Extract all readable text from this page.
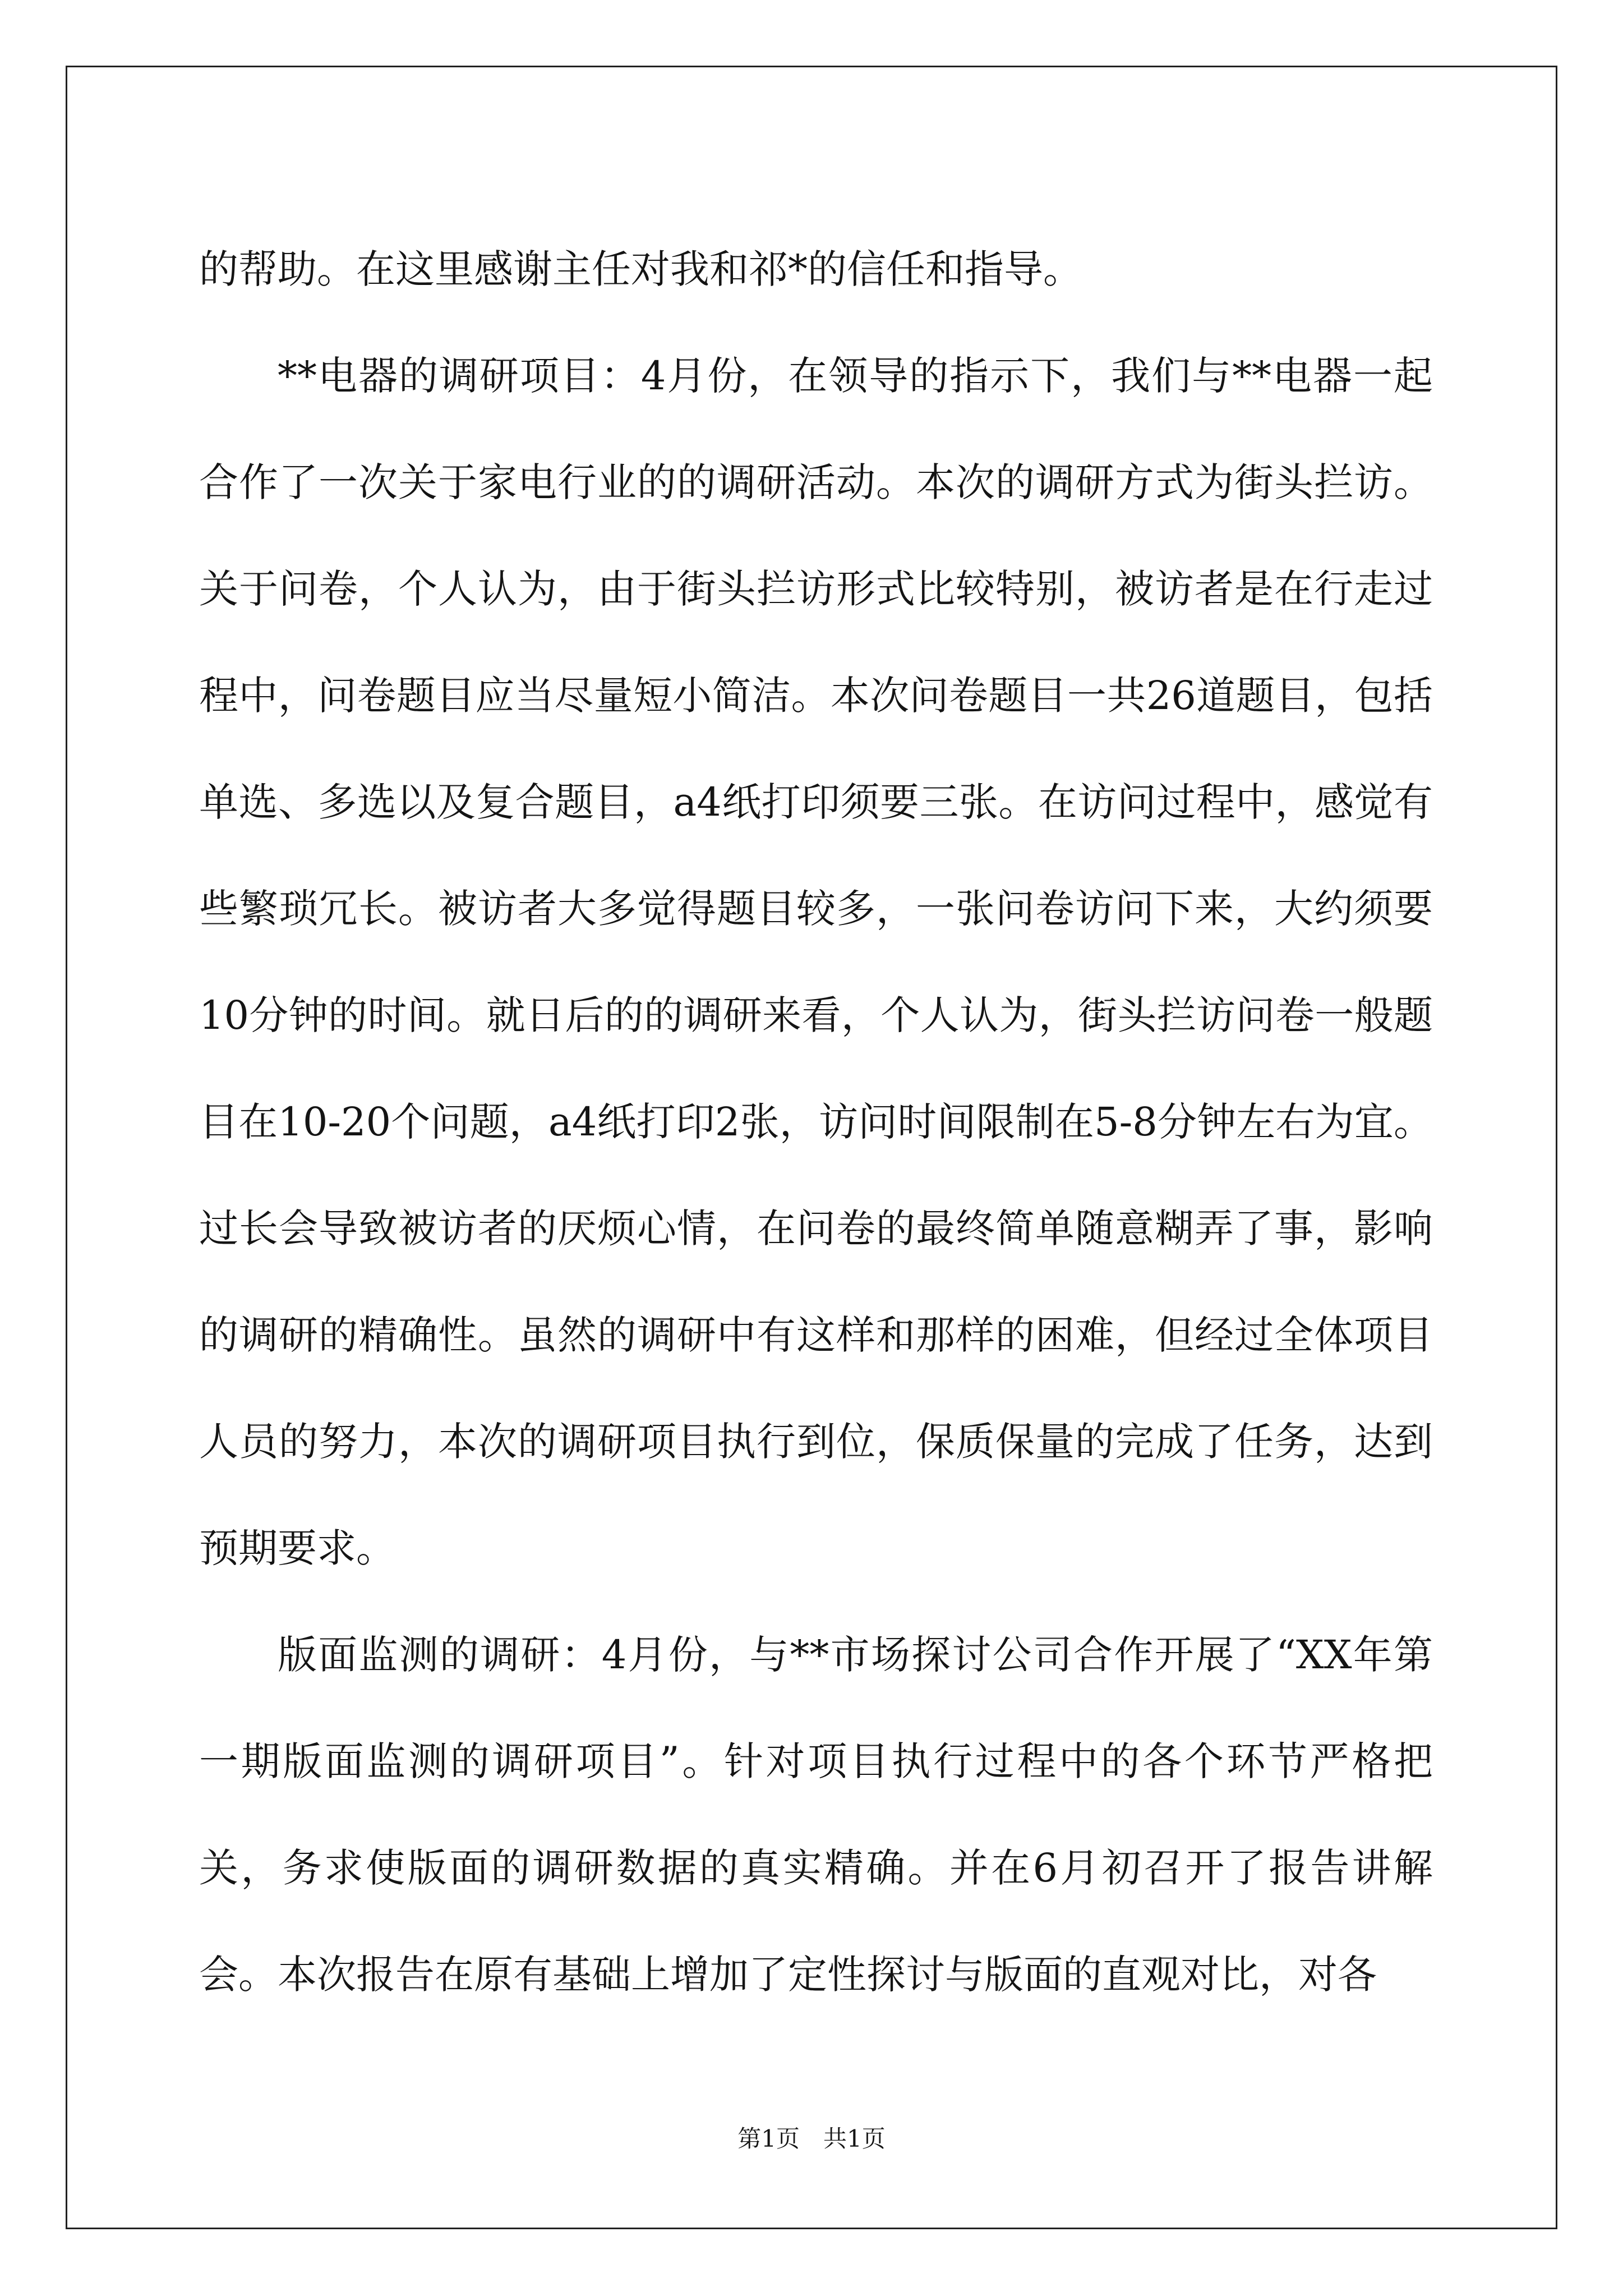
的帮助。在这里感谢主任对我和祁*的信任和指导。

**电器的调研项目：4月份，在领导的指示下，我们与**电器一起合作了一次关于家电行业的的调研活动。本次的调研方式为街头拦访。关于问卷，个人认为，由于街头拦访形式比较特别，被访者是在行走过程中，问卷题目应当尽量短小简洁。本次问卷题目一共26道题目，包括单选、多选以及复合题目，a4纸打印须要三张。在访问过程中，感觉有些繁琐冗长。被访者大多觉得题目较多，一张问卷访问下来，大约须要10分钟的时间。就日后的的调研来看，个人认为，街头拦访问卷一般题目在10-20个问题，a4纸打印2张，访问时间限制在5-8分钟左右为宜。过长会导致被访者的厌烦心情，在问卷的最终简单随意糊弄了事，影响的调研的精确性。虽然的调研中有这样和那样的困难，但经过全体项目人员的努力，本次的调研项目执行到位，保质保量的完成了任务，达到预期要求。

版面监测的调研：4月份，与**市场探讨公司合作开展了“XX年第一期版面监测的调研项目”。针对项目执行过程中的各个环节严格把关，务求使版面的调研数据的真实精确。并在6月初召开了报告讲解会。本次报告在原有基础上增加了定性探讨与版面的直观对比，对各

第1页　共1页
